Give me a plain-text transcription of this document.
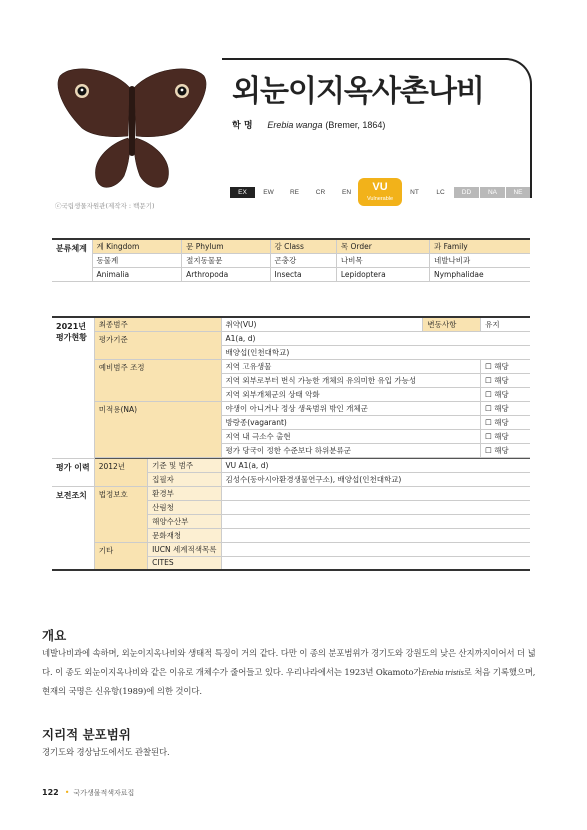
ⓒ국립생물자원관(제작자 : 백문기)
외눈이지옥사촌나비
학 명 Erebia wanga (Bremer, 1864)
EX	EW	RE	CR	EN	VU
Vulnerable
NT	LC	DD	NA	NE
분류체계	계 Kingdom	문 Phylum	강 Class	목 Order	과 Family
	동물계	절지동물문	곤충강	나비목	네발나비과
	Animalia	Arthropoda	Insecta	Lepidoptera	Nymphalidae
2021년
평가현황	최종범주		취약(VU)	변동사항	유지
	평가기준		A1(a, d)		
			배양섭(인천대학교)		
	예비범주 조정		지역 고유생물		☐ 해당
			지역 외부로부터 번식 가능한 개체의 유의미한 유입 가능성		☐ 해당
			지역 외부개체군의 상태 악화		☐ 해당
	미적용(NA)		야생이 아니거나 정상 생육범위 밖인 개체군		☐ 해당
			방랑종(vagarant)		☐ 해당
			지역 내 극소수 출현		☐ 해당
			평가 당국이 정한 수준보다 하위분류군		☐ 해당

평가 이력	2012년	기준 및 범주	VU A1(a, d)		
		집필자	김성수(동아시아환경생물연구소), 배양섭(인천대학교)		
보전조치	법정보호	환경부			
		산림청			
		해양수산부			
		문화재청			
	기타	IUCN 세계적색목록			
		CITES			
개요
네발나비과에 속하며, 외눈이지옥나비와 생태적 특징이 거의 같다. 다만 이 종의 분포범위가 경기도와 강원도의 낮은 산지까지이어서 더 넓다. 이 종도 외눈이지옥나비와 같은 이유로 개체수가 줄어들고 있다. 우리나라에서는 1923년 Okamoto가Erebia tristis로 처음 기록했으며, 현재의 국명은 신유항(1989)에 의한 것이다.
지리적 분포범위
경기도와 경상남도에서도 관찰된다.
122 • 국가생물적색자료집
